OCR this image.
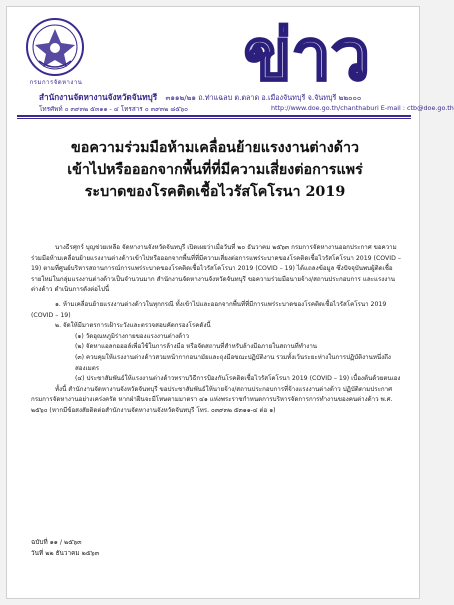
กรมการจัดหางาน ข่าว
สำนักงานจัดหางานจังหวัดจันทบุรี ๓๑๑๒/๒๑ ถ.ท่าแฉลบ ต.ตลาด อ.เมืองจันทบุรี จ.จันทบุรี ๒๒๐๐๐
โทรศัพท์ ๐ ๓๙๓๒ ๕๓๑๑ - ๔ โทรสาร ๐ ๓๙๓๒ ๘๕๖๐	http://www.doe.go.th/chanthaburi E-mail : ctb@doe.go.th
ขอความร่วมมือห้ามเคลื่อนย้ายแรงงานต่างด้าว
เข้าไปหรือออกจากพื้นที่ที่มีความเสี่ยงต่อการแพร่
ระบาดของโรคติดเชื้อไวรัสโคโรนา 2019

นางธีรศุกร์ บุญช่วยเหลือ จัดหางานจังหวัดจันทบุรี เปิดเผยว่าเมื่อวันที่ ๒๐ ธันวาคม ๒๕๖๓ กรมการจัดหางานออกประกาศ ขอความร่วมมือห้ามเคลื่อนย้ายแรงงานต่างด้าวเข้าไปหรือออกจากพื้นที่ที่มีความเสี่ยงต่อการแพร่ระบาดของโรคติดเชื้อไวรัสโคโรนา 2019 (COVID – 19) ตามที่ศูนย์บริหารสถานการณ์การแพร่ระบาดของโรคติดเชื้อไวรัสโคโรนา 2019 (COVID – 19) ได้แถลงข้อมูล ซึ่งปัจจุบันพบผู้ติดเชื้อรายใหม่ในกลุ่มแรงงานต่างด้าวเป็นจำนวนมาก สำนักงานจัดหางานจังหวัดจันทบุรี ขอความร่วมมือนายจ้าง/สถานประกอบการ และแรงงานต่างด้าว ดำเนินการดังต่อไปนี้

๑. ห้ามเคลื่อนย้ายแรงงานต่างด้าวในทุกกรณี ทั้งเข้าไปและออกจากพื้นที่ที่มีการแพร่ระบาดของโรคติดเชื้อไวรัสโคโรนา 2019 (COVID – 19)

๒. จัดให้มีมาตรการเฝ้าระวังและตรวจสอบคัดกรองโรคดังนี้

(๑) วัดอุณหภูมิร่างกายของแรงงานต่างด้าว

(๒) จัดหาแอลกอฮอล์เพื่อใช้ในการล้างมือ หรือจัดสถานที่สำหรับล้างมือภายในสถานที่ทำงาน

(๓) ควบคุมให้แรงงานต่างด้าวสวมหน้ากากอนามัยและถุงมือขณะปฏิบัติงาน รวมทั้งเว้นระยะห่างในการปฏิบัติงานหนึ่งถึงสองเมตร

(๔) ประชาสัมพันธ์ให้แรงงานต่างด้าวทราบวิธีการป้องกันโรคติดเชื้อไวรัสโคโรนา 2019 (COVID – 19) เบื้องต้นด้วยตนเอง

ทั้งนี้ สำนักงานจัดหางานจังหวัดจันทบุรี ขอประชาสัมพันธ์ให้นายจ้าง/สถานประกอบการที่จ้างแรงงานต่างด้าว ปฏิบัติตามประกาศกรมการจัดหางานอย่างเคร่งครัด หากฝ่าฝืนจะมีโทษตามมาตรา ๔๑ แห่งพระราชกำหนดการบริหารจัดการการทำงานของคนต่างด้าว พ.ศ. ๒๕๖๐ (หากมีข้อสงสัยติดต่อสำนักงานจัดหางานจังหวัดจันทบุรี โทร. ๐๓๙๓๒ ๕๓๑๑-๔ ต่อ ๑)

ฉบับที่ ๑๑ / ๒๕๖๓
วันที่ ๒๒ ธันวาคม ๒๕๖๓
